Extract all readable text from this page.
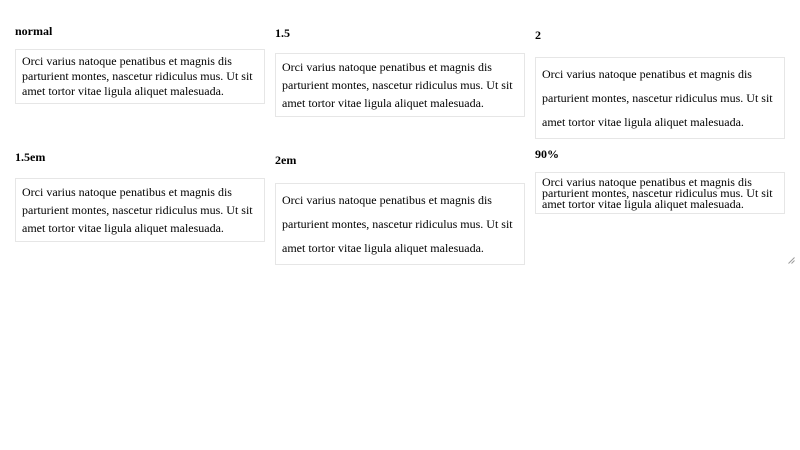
normal

Orci varius natoque penatibus et magnis dis parturient montes, nascetur ridiculus mus. Ut sit amet tortor vitae ligula aliquet malesuada.

1.5

Orci varius natoque penatibus et magnis dis parturient montes, nascetur ridiculus mus. Ut sit amet tortor vitae ligula aliquet malesuada.

2

Orci varius natoque penatibus et magnis dis parturient montes, nascetur ridiculus mus. Ut sit amet tortor vitae ligula aliquet malesuada.

1.5em

Orci varius natoque penatibus et magnis dis parturient montes, nascetur ridiculus mus. Ut sit amet tortor vitae ligula aliquet malesuada.

2em

Orci varius natoque penatibus et magnis dis parturient montes, nascetur ridiculus mus. Ut sit amet tortor vitae ligula aliquet malesuada.

90%

Orci varius natoque penatibus et magnis dis parturient montes, nascetur ridiculus mus. Ut sit amet tortor vitae ligula aliquet malesuada.
